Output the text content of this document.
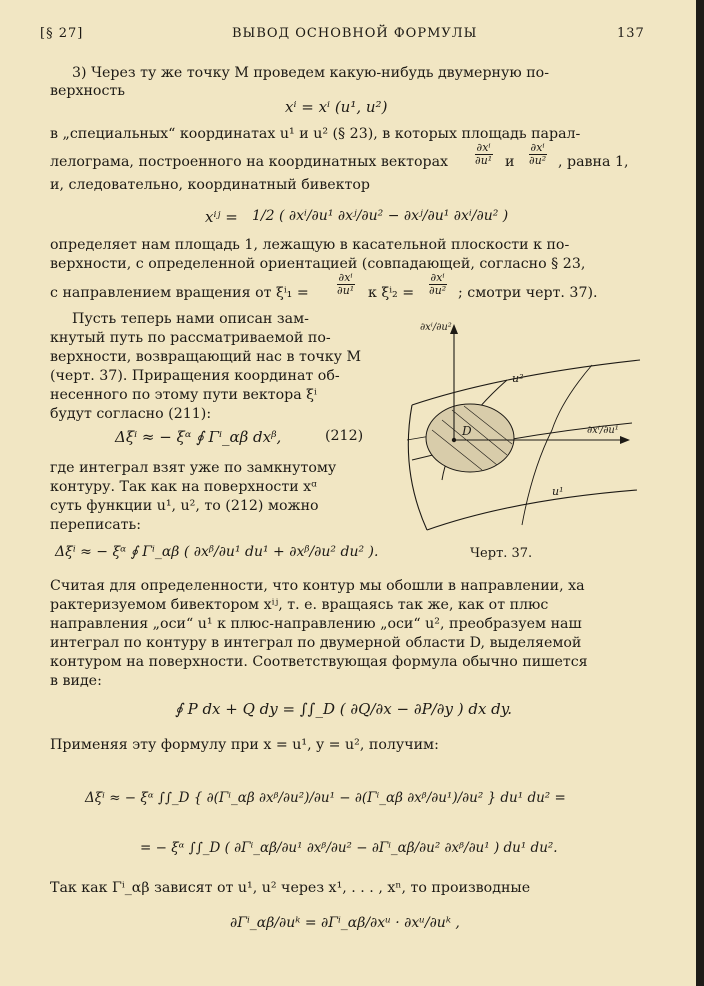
[§ 27]	ВЫВОД ОСНОВНОЙ ФОРМУЛЫ	137
3) Через ту же точку M проведем какую-нибудь двумерную по-
верхность
xⁱ = xⁱ (u¹, u²)
в „специальных“ координатах u¹ и u² (§ 23), в которых площадь парал-
лелограма, построенного на координатных векторах $\frac{\text{∂xⁱ}}{\text{∂u¹}}$ и $\frac{\text{∂xⁱ}}{\text{∂u²}}$ , равна 1,
и, следовательно, координатный бивектор
xⁱʲ = 1/2 ( ∂xⁱ/∂u¹ ∂xʲ/∂u² − ∂xʲ/∂u¹ ∂xⁱ/∂u² )
определяет нам площадь 1, лежащую в касательной плоскости к по-
верхности, с определенной ориентацией (совпадающей, согласно § 23,
с направлением вращения от $\xi^i_1 = \frac{\text{∂xⁱ}}{\text{∂u¹}}$ к $\xi^i_2 = \frac{\text{∂xⁱ}}{\text{∂u²}}$ ; смотри черт. 37).
Пусть теперь нами описан зам-
кнутый путь по рассматриваемой по-
верхности, возвращающий нас в точку M
(черт. 37). Приращения координат об-
несенного по этому пути вектора ξⁱ
будут согласно (211):
Δξⁱ ≈ − ξᵅ ∮ Γⁱ_αβ dxᵝ,	(212)
где интеграл взят уже по замкнутому
контуру. Так как на поверхности xᵅ
суть функции u¹, u², то (212) можно
переписать:
Δξⁱ ≈ − ξᵅ ∮ Γⁱ_αβ ( ∂xᵝ/∂u¹ du¹ + ∂xᵝ/∂u² du² ).
∂xⁱ/∂u²
u²
D
u¹
∂xⁱ/∂u¹
Черт. 37.
Считая для определенности, что контур мы обошли в направлении, ха
рактеризуемом бивектором xⁱʲ, т. е. вращаясь так же, как от плюс
направления „оси“ u¹ к плюс-направлению „оси“ u², преобразуем наш
интеграл по контуру в интеграл по двумерной области D, выделяемой
контуром на поверхности. Соответствующая формула обычно пишется
в виде:
∮ P dx + Q dy = ∫∫_D ( ∂Q/∂x − ∂P/∂y ) dx dy.
Применяя эту формулу при x = u¹, y = u², получим:
Δξⁱ ≈ − ξᵅ ∫∫_D { ∂(Γⁱ_αβ ∂xᵝ/∂u²)/∂u¹ − ∂(Γⁱ_αβ ∂xᵝ/∂u¹)/∂u² } du¹ du² =
= − ξᵅ ∫∫_D ( ∂Γⁱ_αβ/∂u¹ ∂xᵝ/∂u² − ∂Γⁱ_αβ/∂u² ∂xᵝ/∂u¹ ) du¹ du².
Так как Γⁱ_αβ зависят от u¹, u² через x¹, . . . , xⁿ, то производные
∂Γⁱ_αβ/∂uᵏ = ∂Γⁱ_αβ/∂xᵘ · ∂xᵘ/∂uᵏ ,
